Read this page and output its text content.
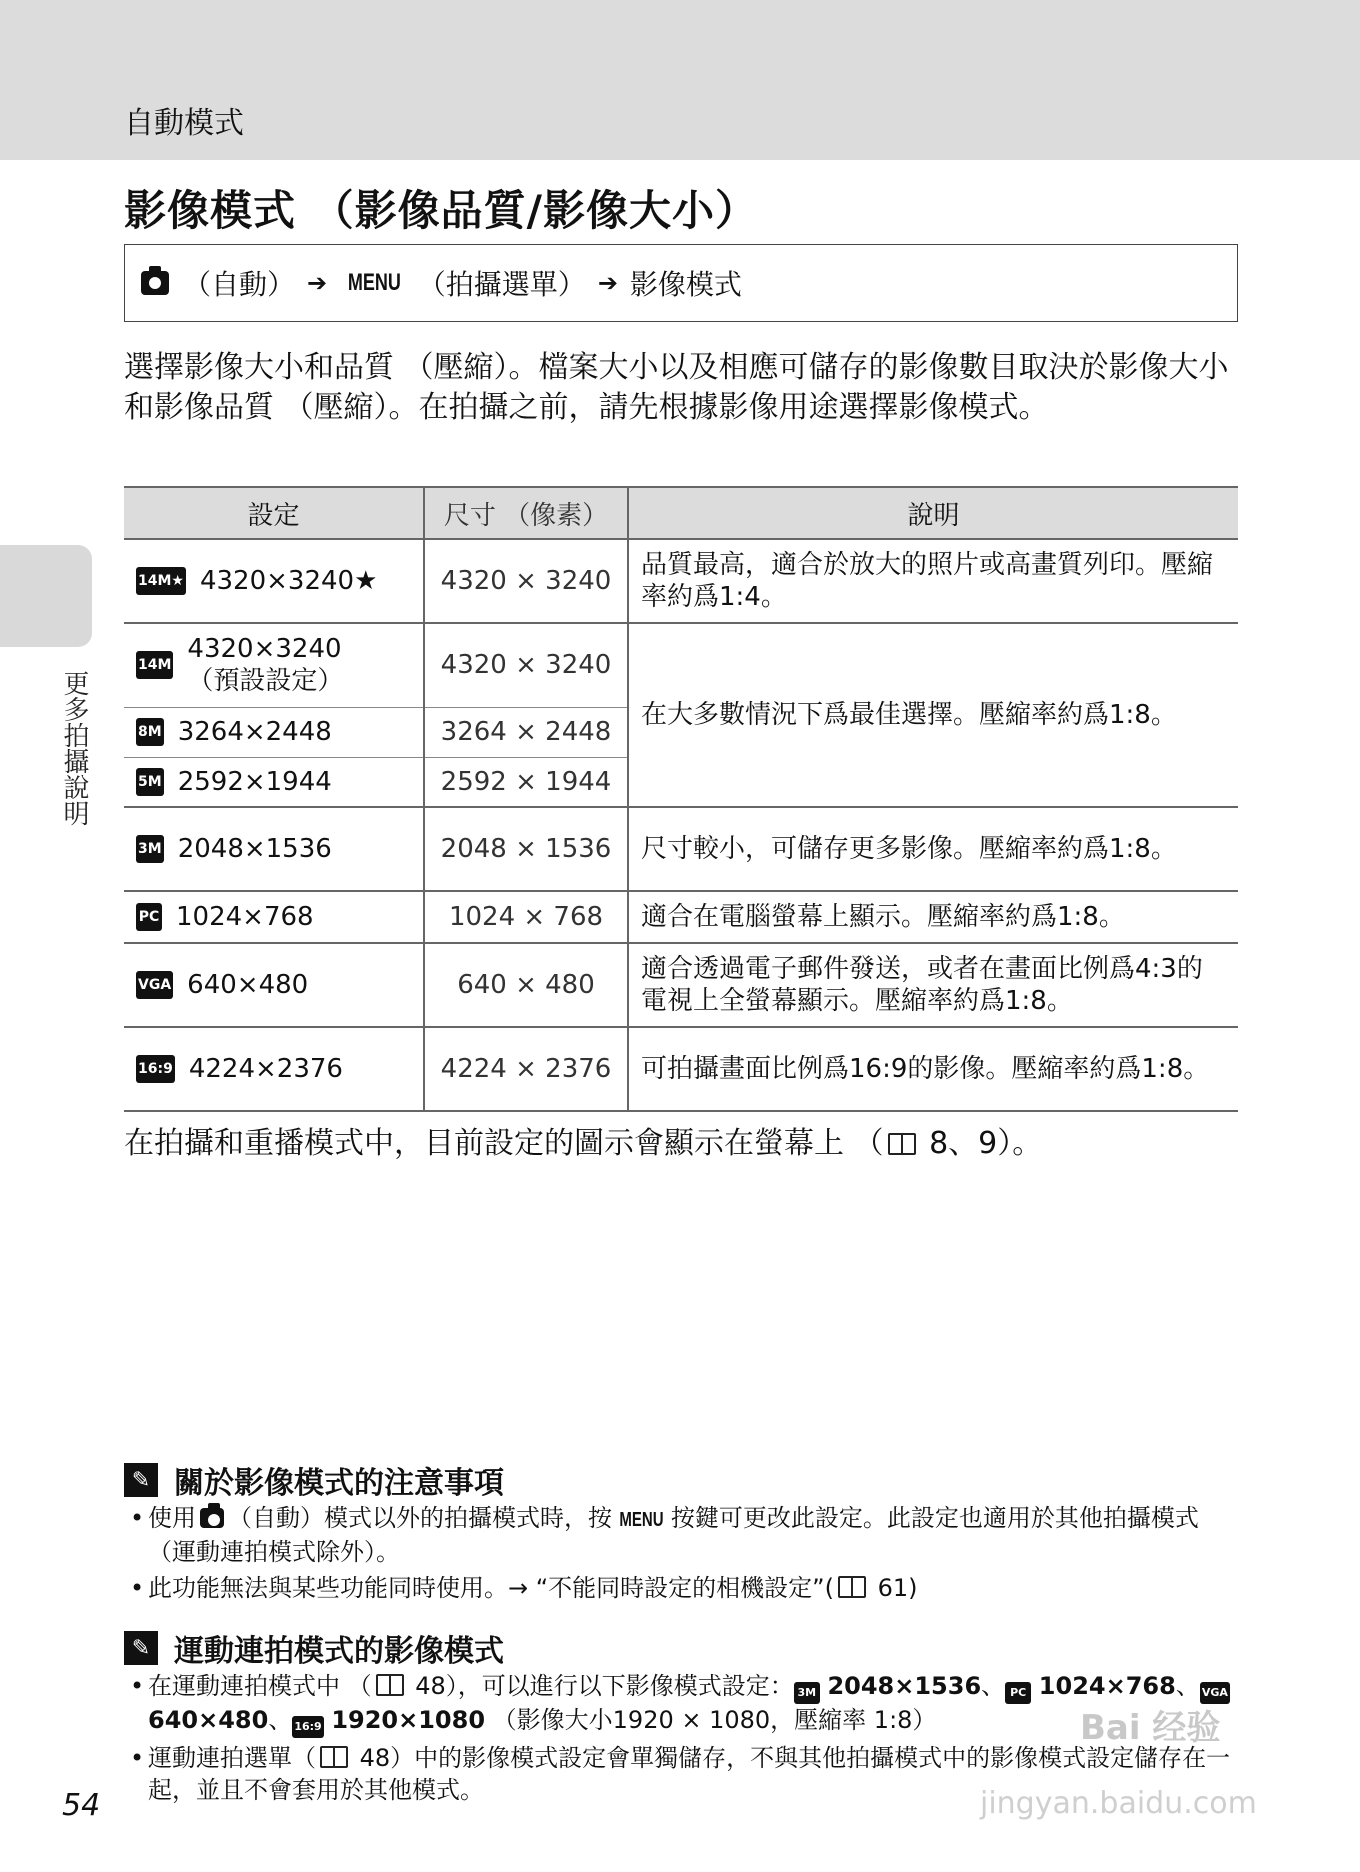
自動模式
更多拍攝說明
影像模式 （影像品質/影像大小）
（自動） ➔ MENU （拍攝選單） ➔ 影像模式

選擇影像大小和品質 （壓縮）。檔案大小以及相應可儲存的影像數目取決於影像大小和影像品質 （壓縮）。在拍攝之前，請先根據影像用途選擇影像模式。

設定	尺寸 （像素）	說明

14M★ 4320×3240★	4320 × 3240	品質最高，適合於放大的照片或高畫質列印。壓縮率約爲1:4。

14M
4320×3240
（預設設定）	4320 × 3240	在大多數情況下爲最佳選擇。壓縮率約爲1:8。

8M 3264×2448	3264 × 2448	

5M 2592×1944	2592 × 1944	

3M 2048×1536	2048 × 1536	尺寸較小，可儲存更多影像。壓縮率約爲1:8。

PC 1024×768	1024 × 768	適合在電腦螢幕上顯示。壓縮率約爲1:8。

VGA 640×480	640 × 480	適合透過電子郵件發送，或者在畫面比例爲4:3的電視上全螢幕顯示。壓縮率約爲1:8。

16:9 4224×2376	4224 × 2376	可拍攝畫面比例爲16:9的影像。壓縮率約爲1:8。

在拍攝和重播模式中，目前設定的圖示會顯示在螢幕上 （ 8、9）。

✎ 關於影像模式的注意事項
• 使用 （自動）模式以外的拍攝模式時，按 MENU 按鍵可更改此設定。此設定也適用於其他拍攝模式 （運動連拍模式除外）。
• 此功能無法與某些功能同時使用。→ “不能同時設定的相機設定”( 61)
✎ 運動連拍模式的影像模式
• 在運動連拍模式中 （ 48），可以進行以下影像模式設定： 3M 2048×1536、 PC 1024×768、 VGA 640×480、 16:9 1920×1080 （影像大小1920 × 1080，壓縮率 1:8）
• 運動連拍選單（ 48）中的影像模式設定會單獨儲存，不與其他拍攝模式中的影像模式設定儲存在一起，並且不會套用於其他模式。
54
Bai 经验
jingyan.baidu.com
